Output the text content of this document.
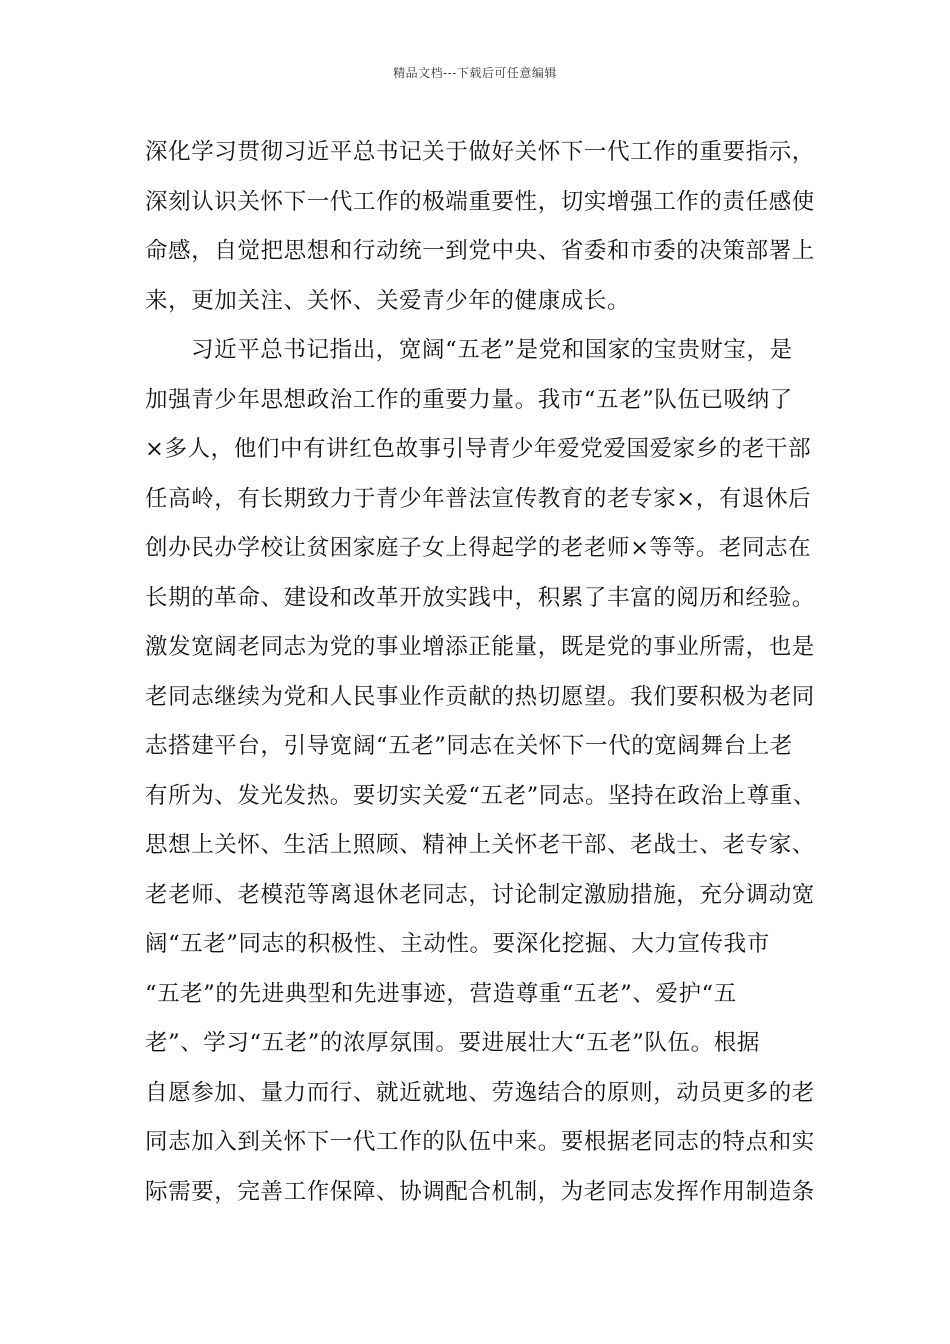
精品文档---下载后可任意编辑
深化学习贯彻习近平总书记关于做好关怀下一代工作的重要指示，
深刻认识关怀下一代工作的极端重要性，切实增强工作的责任感使
命感，自觉把思想和行动统一到党中央、省委和市委的决策部署上
来，更加关注、关怀、关爱青少年的健康成长。
习近平总书记指出，宽阔“五老”是党和国家的宝贵财宝，是
加强青少年思想政治工作的重要力量。我市“五老”队伍已吸纳了
×多人，他们中有讲红色故事引导青少年爱党爱国爱家乡的老干部
任高岭，有长期致力于青少年普法宣传教育的老专家×，有退休后
创办民办学校让贫困家庭子女上得起学的老老师×等等。老同志在
长期的革命、建设和改革开放实践中，积累了丰富的阅历和经验。
激发宽阔老同志为党的事业增添正能量，既是党的事业所需，也是
老同志继续为党和人民事业作贡献的热切愿望。我们要积极为老同
志搭建平台，引导宽阔“五老”同志在关怀下一代的宽阔舞台上老
有所为、发光发热。要切实关爱“五老”同志。坚持在政治上尊重、
思想上关怀、生活上照顾、精神上关怀老干部、老战士、老专家、
老老师、老模范等离退休老同志，讨论制定激励措施，充分调动宽
阔“五老”同志的积极性、主动性。要深化挖掘、大力宣传我市
“五老”的先进典型和先进事迹，营造尊重“五老”、爱护“五
老”、学习“五老”的浓厚氛围。要进展壮大“五老”队伍。根据
自愿参加、量力而行、就近就地、劳逸结合的原则，动员更多的老
同志加入到关怀下一代工作的队伍中来。要根据老同志的特点和实
际需要，完善工作保障、协调配合机制，为老同志发挥作用制造条
